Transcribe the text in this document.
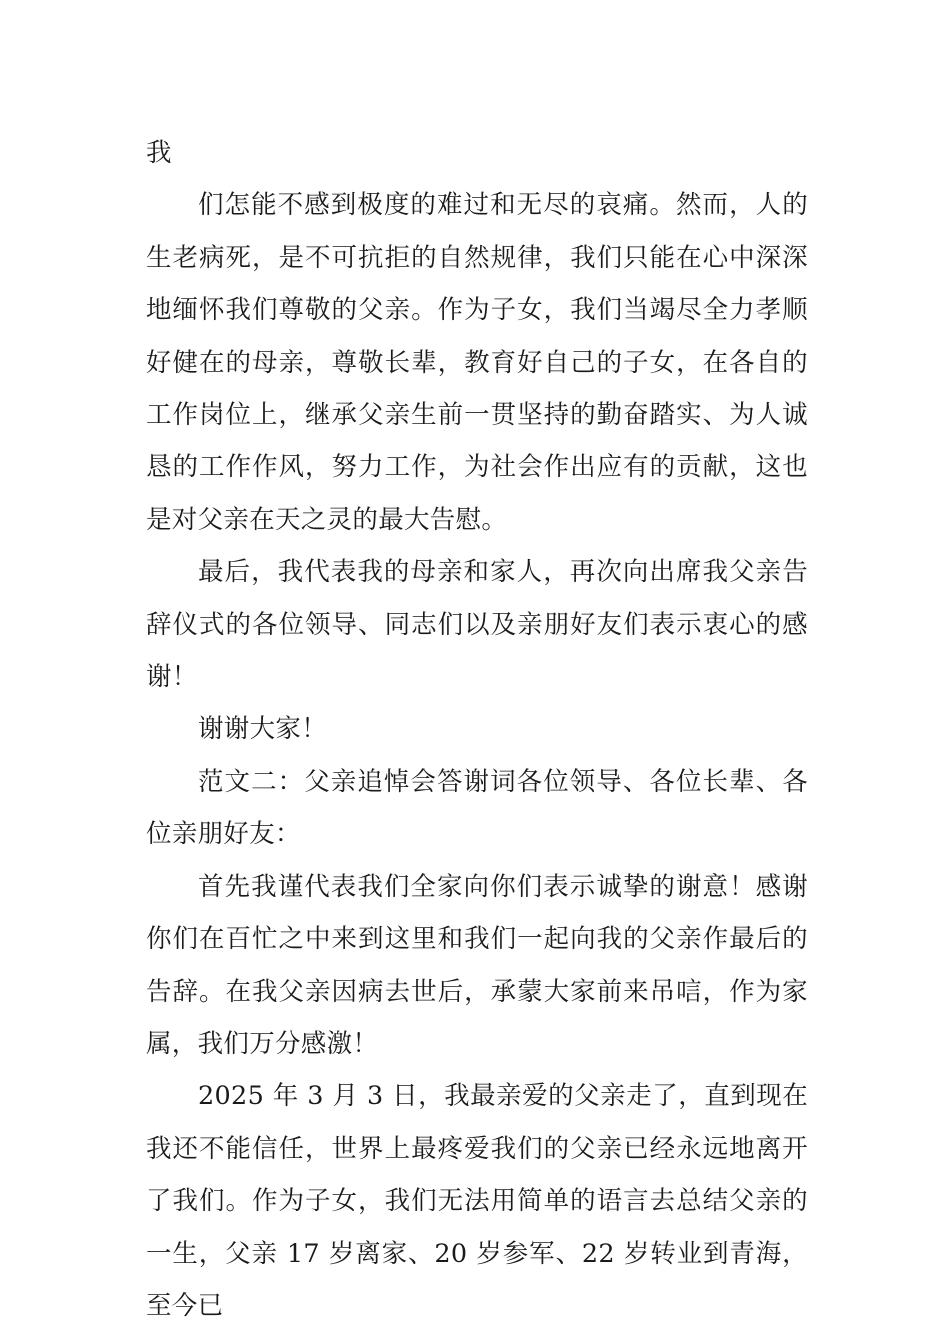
我

们怎能不感到极度的难过和无尽的哀痛。然而，人的生老病死，是不可抗拒的自然规律，我们只能在心中深深地缅怀我们尊敬的父亲。作为子女，我们当竭尽全力孝顺好健在的母亲，尊敬长辈，教育好自己的子女，在各自的工作岗位上，继承父亲生前一贯坚持的勤奋踏实、为人诚恳的工作作风，努力工作，为社会作出应有的贡献，这也是对父亲在天之灵的最大告慰。

最后，我代表我的母亲和家人，再次向出席我父亲告辞仪式的各位领导、同志们以及亲朋好友们表示衷心的感谢！

谢谢大家！

范文二：父亲追悼会答谢词各位领导、各位长辈、各位亲朋好友：

首先我谨代表我们全家向你们表示诚挚的谢意！感谢你们在百忙之中来到这里和我们一起向我的父亲作最后的告辞。在我父亲因病去世后，承蒙大家前来吊唁，作为家属，我们万分感激！

2025 年 3 月 3 日，我最亲爱的父亲走了，直到现在我还不能信任，世界上最疼爱我们的父亲已经永远地离开了我们。作为子女，我们无法用简单的语言去总结父亲的一生，父亲 17 岁离家、20 岁参军、22 岁转业到青海，至今已
